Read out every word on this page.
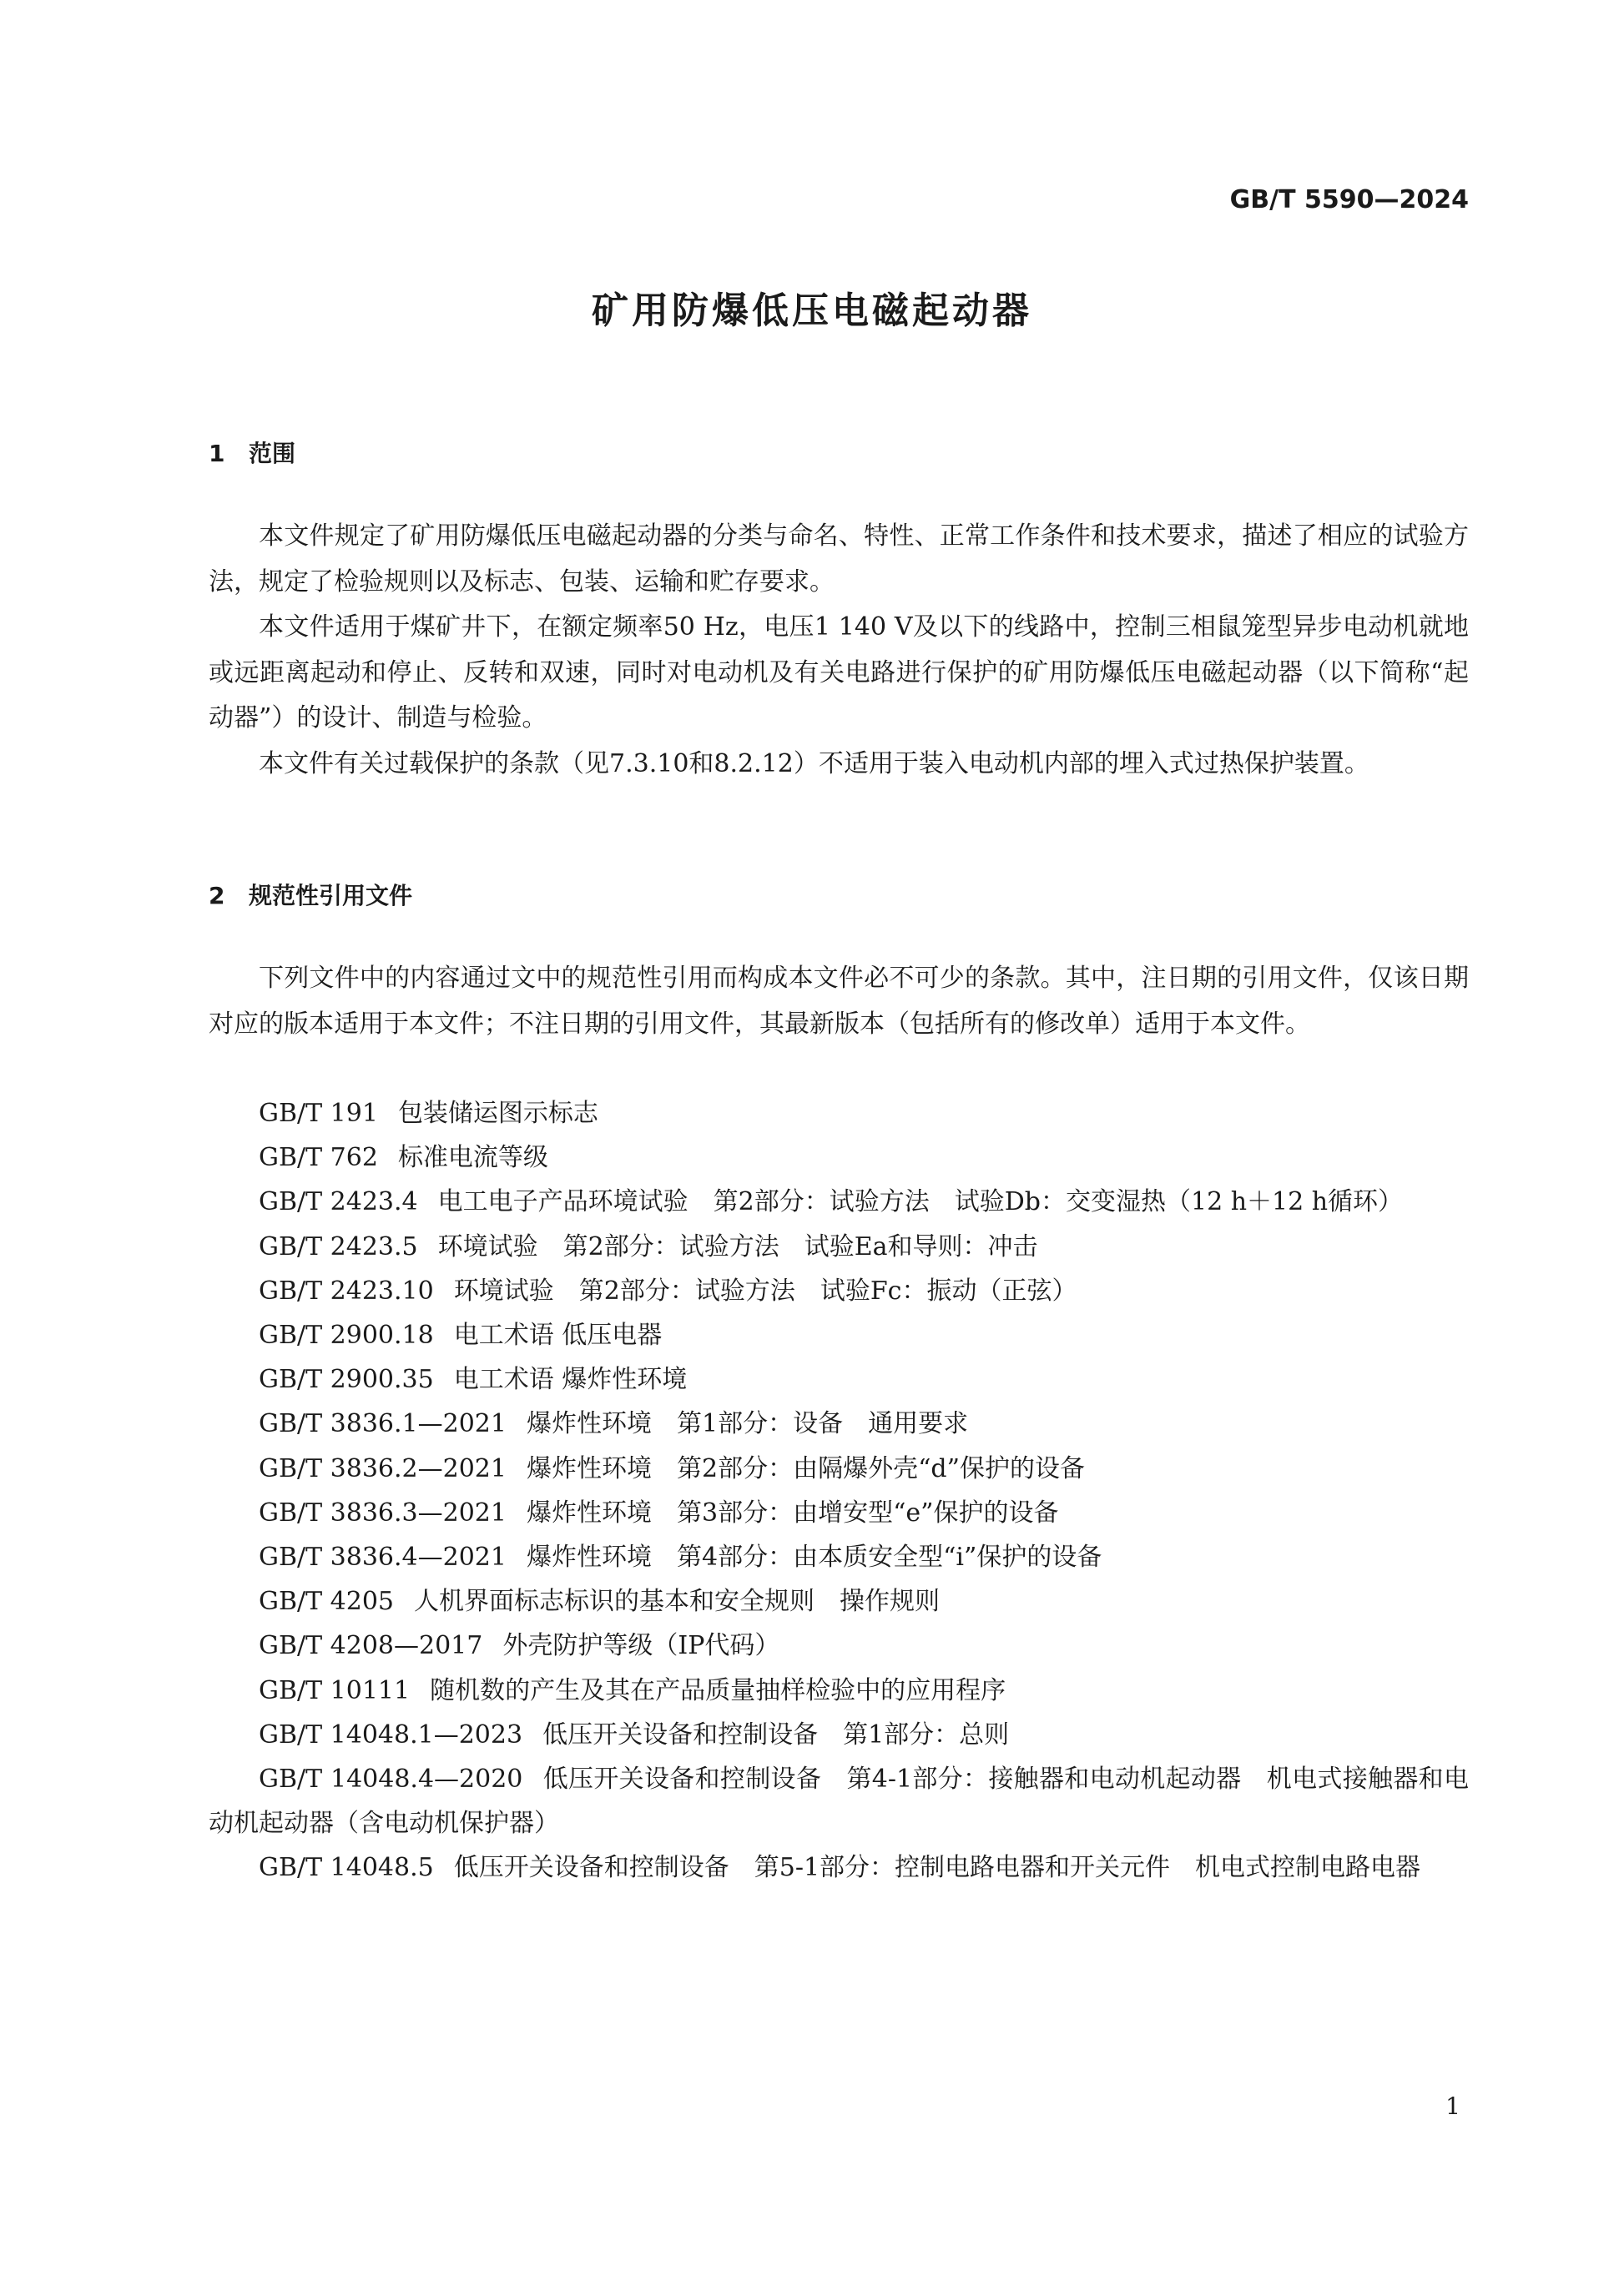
GB/T 5590—2024
矿用防爆低压电磁起动器
1 范围

本文件规定了矿用防爆低压电磁起动器的分类与命名、特性、正常工作条件和技术要求，描述了相应的试验方法，规定了检验规则以及标志、包装、运输和贮存要求。

本文件适用于煤矿井下，在额定频率50 Hz，电压1 140 V及以下的线路中，控制三相鼠笼型异步电动机就地或远距离起动和停止、反转和双速，同时对电动机及有关电路进行保护的矿用防爆低压电磁起动器（以下简称“起动器”）的设计、制造与检验。

本文件有关过载保护的条款（见7.3.10和8.2.12）不适用于装入电动机内部的埋入式过热保护装置。

2 规范性引用文件

下列文件中的内容通过文中的规范性引用而构成本文件必不可少的条款。其中，注日期的引用文件，仅该日期对应的版本适用于本文件；不注日期的引用文件，其最新版本（包括所有的修改单）适用于本文件。

GB/T 191 包装储运图示标志

GB/T 762 标准电流等级

GB/T 2423.4 电工电子产品环境试验　第2部分：试验方法　试验Db：交变湿热（12 h＋12 h循环）

GB/T 2423.5 环境试验　第2部分：试验方法　试验Ea和导则：冲击

GB/T 2423.10 环境试验　第2部分：试验方法　试验Fc：振动（正弦）

GB/T 2900.18 电工术语 低压电器

GB/T 2900.35 电工术语 爆炸性环境

GB/T 3836.1—2021 爆炸性环境　第1部分：设备　通用要求

GB/T 3836.2—2021 爆炸性环境　第2部分：由隔爆外壳“d”保护的设备

GB/T 3836.3—2021 爆炸性环境　第3部分：由增安型“e”保护的设备

GB/T 3836.4—2021 爆炸性环境　第4部分：由本质安全型“i”保护的设备

GB/T 4205 人机界面标志标识的基本和安全规则　操作规则

GB/T 4208—2017 外壳防护等级（IP代码）

GB/T 10111 随机数的产生及其在产品质量抽样检验中的应用程序

GB/T 14048.1—2023 低压开关设备和控制设备　第1部分：总则

GB/T 14048.4—2020 低压开关设备和控制设备　第4-1部分：接触器和电动机起动器　机电式接触器和电动机起动器（含电动机保护器）

GB/T 14048.5 低压开关设备和控制设备　第5-1部分：控制电路电器和开关元件　机电式控制电路电器

1
